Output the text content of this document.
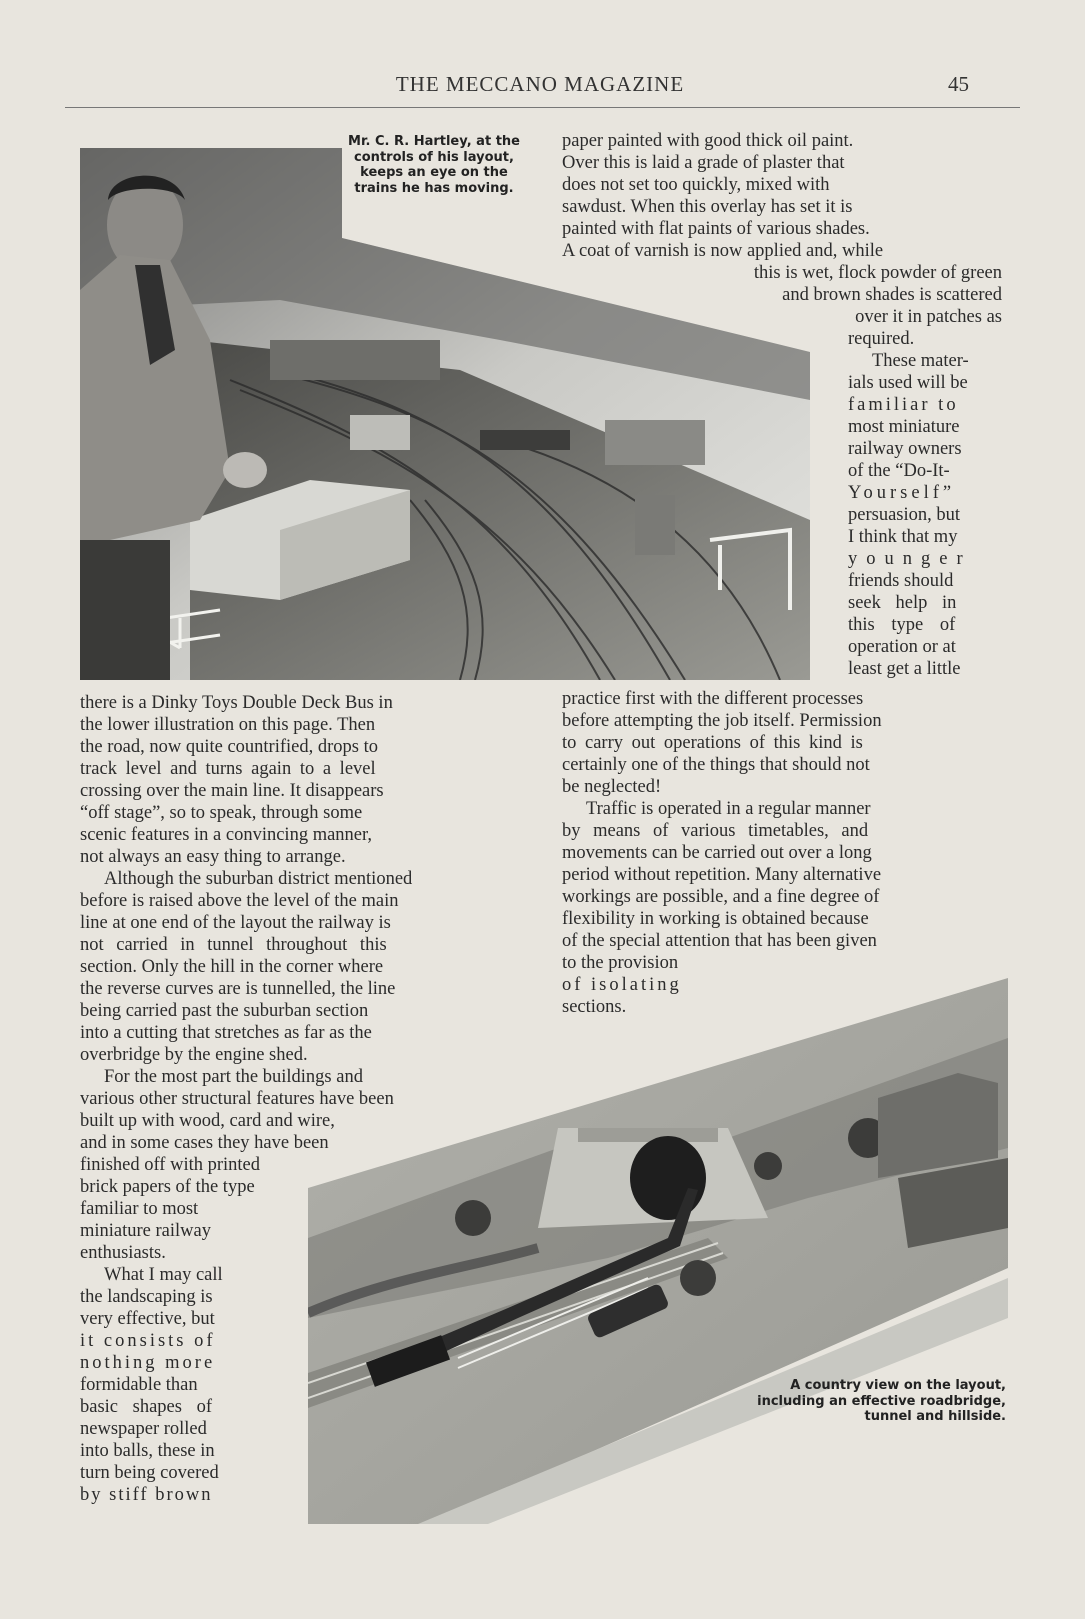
THE MECCANO MAGAZINE	45
Mr. C. R. Hartley, at the controls of his layout, keeps an eye on the trains he has moving.
paper painted with good thick oil paint.
Over this is laid a grade of plaster that
does not set too quickly, mixed with
sawdust. When this overlay has set it is
painted with flat paints of various shades.
A coat of varnish is now applied and, while
this is wet, flock powder of green
and brown shades is scattered
over it in patches as
required.
These mater-
ials used will be
familiar to
most miniature
railway owners
of the “Do-It-
Yourself”
persuasion, but
I think that my
younger
friends should
seek help in
this type of
operation or at
least get a little
practice first with the different processes
before attempting the job itself. Permission
to carry out operations of this kind is
certainly one of the things that should not
be neglected!
Traffic is operated in a regular manner
by means of various timetables, and
movements can be carried out over a long
period without repetition. Many alternative
workings are possible, and a fine degree of
flexibility in working is obtained because
of the special attention that has been given
to the provision
of isolating
sections.
there is a Dinky Toys Double Deck Bus in
the lower illustration on this page. Then
the road, now quite countrified, drops to
track level and turns again to a level
crossing over the main line. It disappears
“off stage”, so to speak, through some
scenic features in a convincing manner,
not always an easy thing to arrange.
Although the suburban district mentioned
before is raised above the level of the main
line at one end of the layout the railway is
not carried in tunnel throughout this
section. Only the hill in the corner where
the reverse curves are is tunnelled, the line
being carried past the suburban section
into a cutting that stretches as far as the
overbridge by the engine shed.
For the most part the buildings and
various other structural features have been
built up with wood, card and wire,
and in some cases they have been
finished off with printed
brick papers of the type
familiar to most
miniature railway
enthusiasts.
What I may call
the landscaping is
very effective, but
it consists of
nothing more
formidable than
basic shapes of
newspaper rolled
into balls, these in
turn being covered
by stiff brown
A country view on the layout, including an effective roadbridge, tunnel and hillside.
